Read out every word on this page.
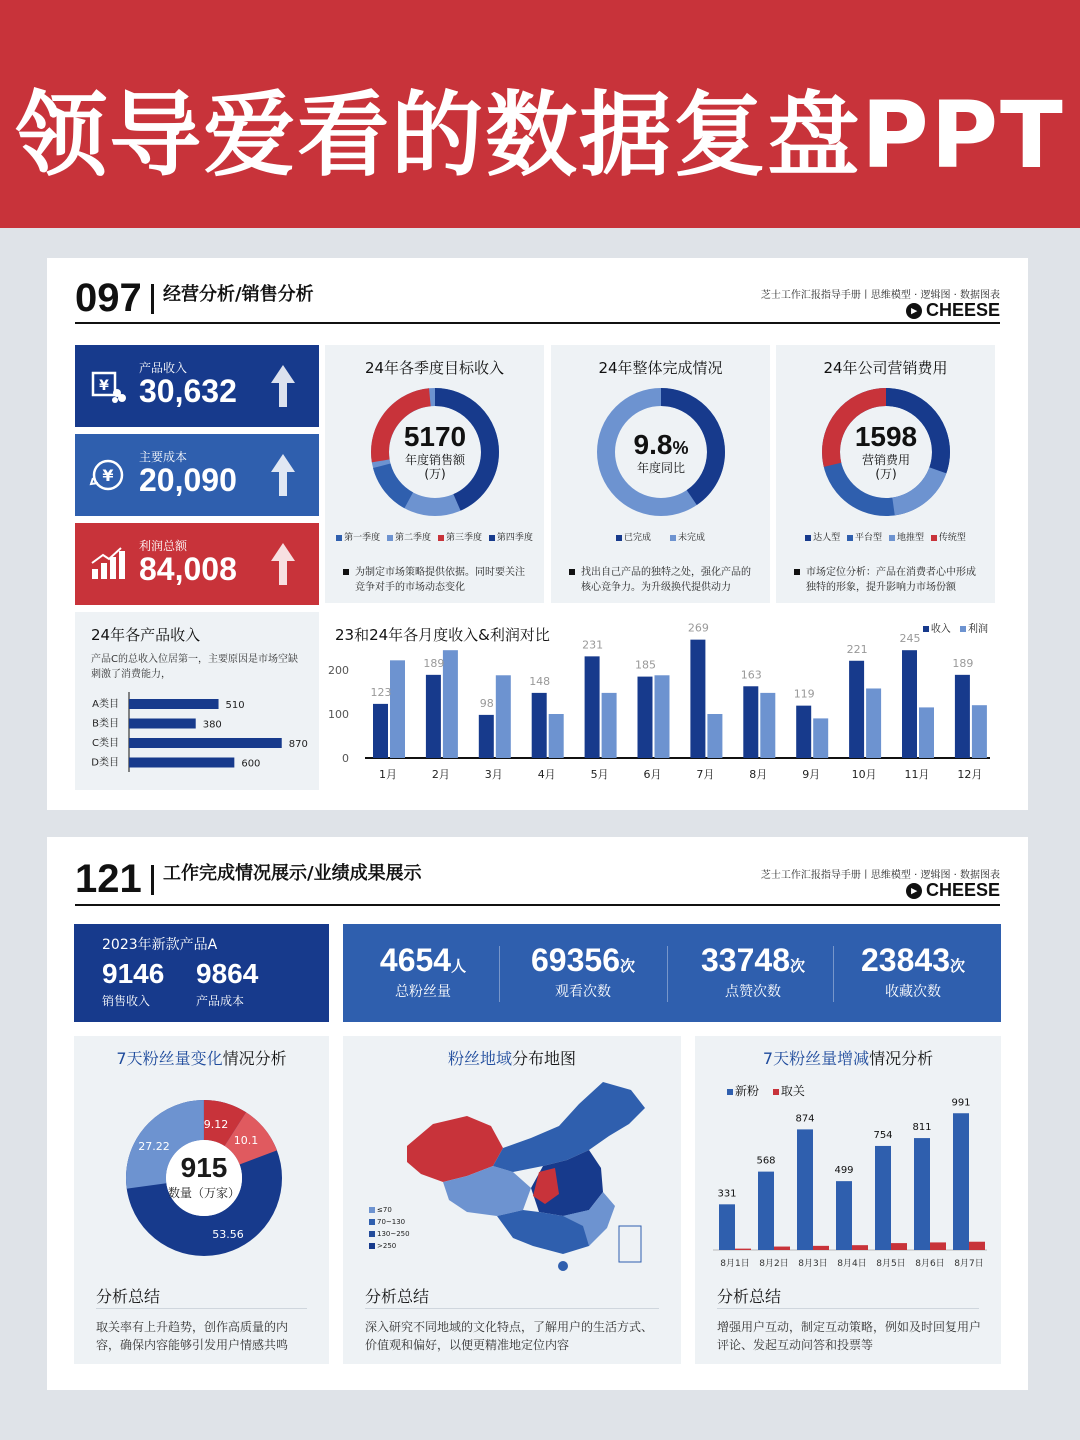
领导爱看的数据复盘PPT
097 经营分析/销售分析	芝士工作汇报指导手册丨思维模型 · 逻辑图 · 数据图表
▸ CHEESE
¥
产品收入
30,632
¥
主要成本
20,090
利润总额
84,008
24年各季度目标收入
5170
年度销售额
(万)
第一季度 第二季度 第三季度 第四季度
为制定市场策略提供依据。同时要关注竞争对手的市场动态变化
24年整体完成情况
9.8%
年度同比
已完成	未完成
找出自己产品的独特之处，强化产品的核心竞争力。为升级换代提供动力
24年公司营销费用
1598
营销费用
(万)
达人型 平台型 地推型 传统型
市场定位分析：产品在消费者心中形成独特的形象，提升影响力市场份额
24年各产品收入
产品C的总收入位居第一，主要原因是市场空缺刺激了消费能力，
A类目	510
B类目	380
C类目	870
D类目	600
23和24年各月度收入&利润对比	收入 利润
0
100
200
123
1月
189
2月
98
3月
148
4月
231
5月
185
6月
269
7月
163
8月
119
9月
221
10月
245
11月
189
12月
121 工作完成情况展示/业绩成果展示	芝士工作汇报指导手册丨思维模型 · 逻辑图 · 数据图表
▸ CHEESE
2023年新款产品A
9146
销售收入
9864
产品成本
4654人
总粉丝量
69356次
观看次数
33748次
点赞次数
23843次
收藏次数
7天粉丝量变化情况分析
9.12
10.1
27.22
53.56
915
数量（万家）
分析总结
取关率有上升趋势，创作高质量的内容，确保内容能够引发用户情感共鸣
粉丝地域分布地图
≤70
70~130
130~250
>250
分析总结
深入研究不同地域的文化特点，了解用户的生活方式、价值观和偏好，以便更精准地定位内容
7天粉丝量增减情况分析
新粉 取关
331
8月1日
568
8月2日
874
8月3日
499
8月4日
754
8月5日
811
8月6日
991
8月7日
分析总结
增强用户互动，制定互动策略，例如及时回复用户评论、发起互动问答和投票等
